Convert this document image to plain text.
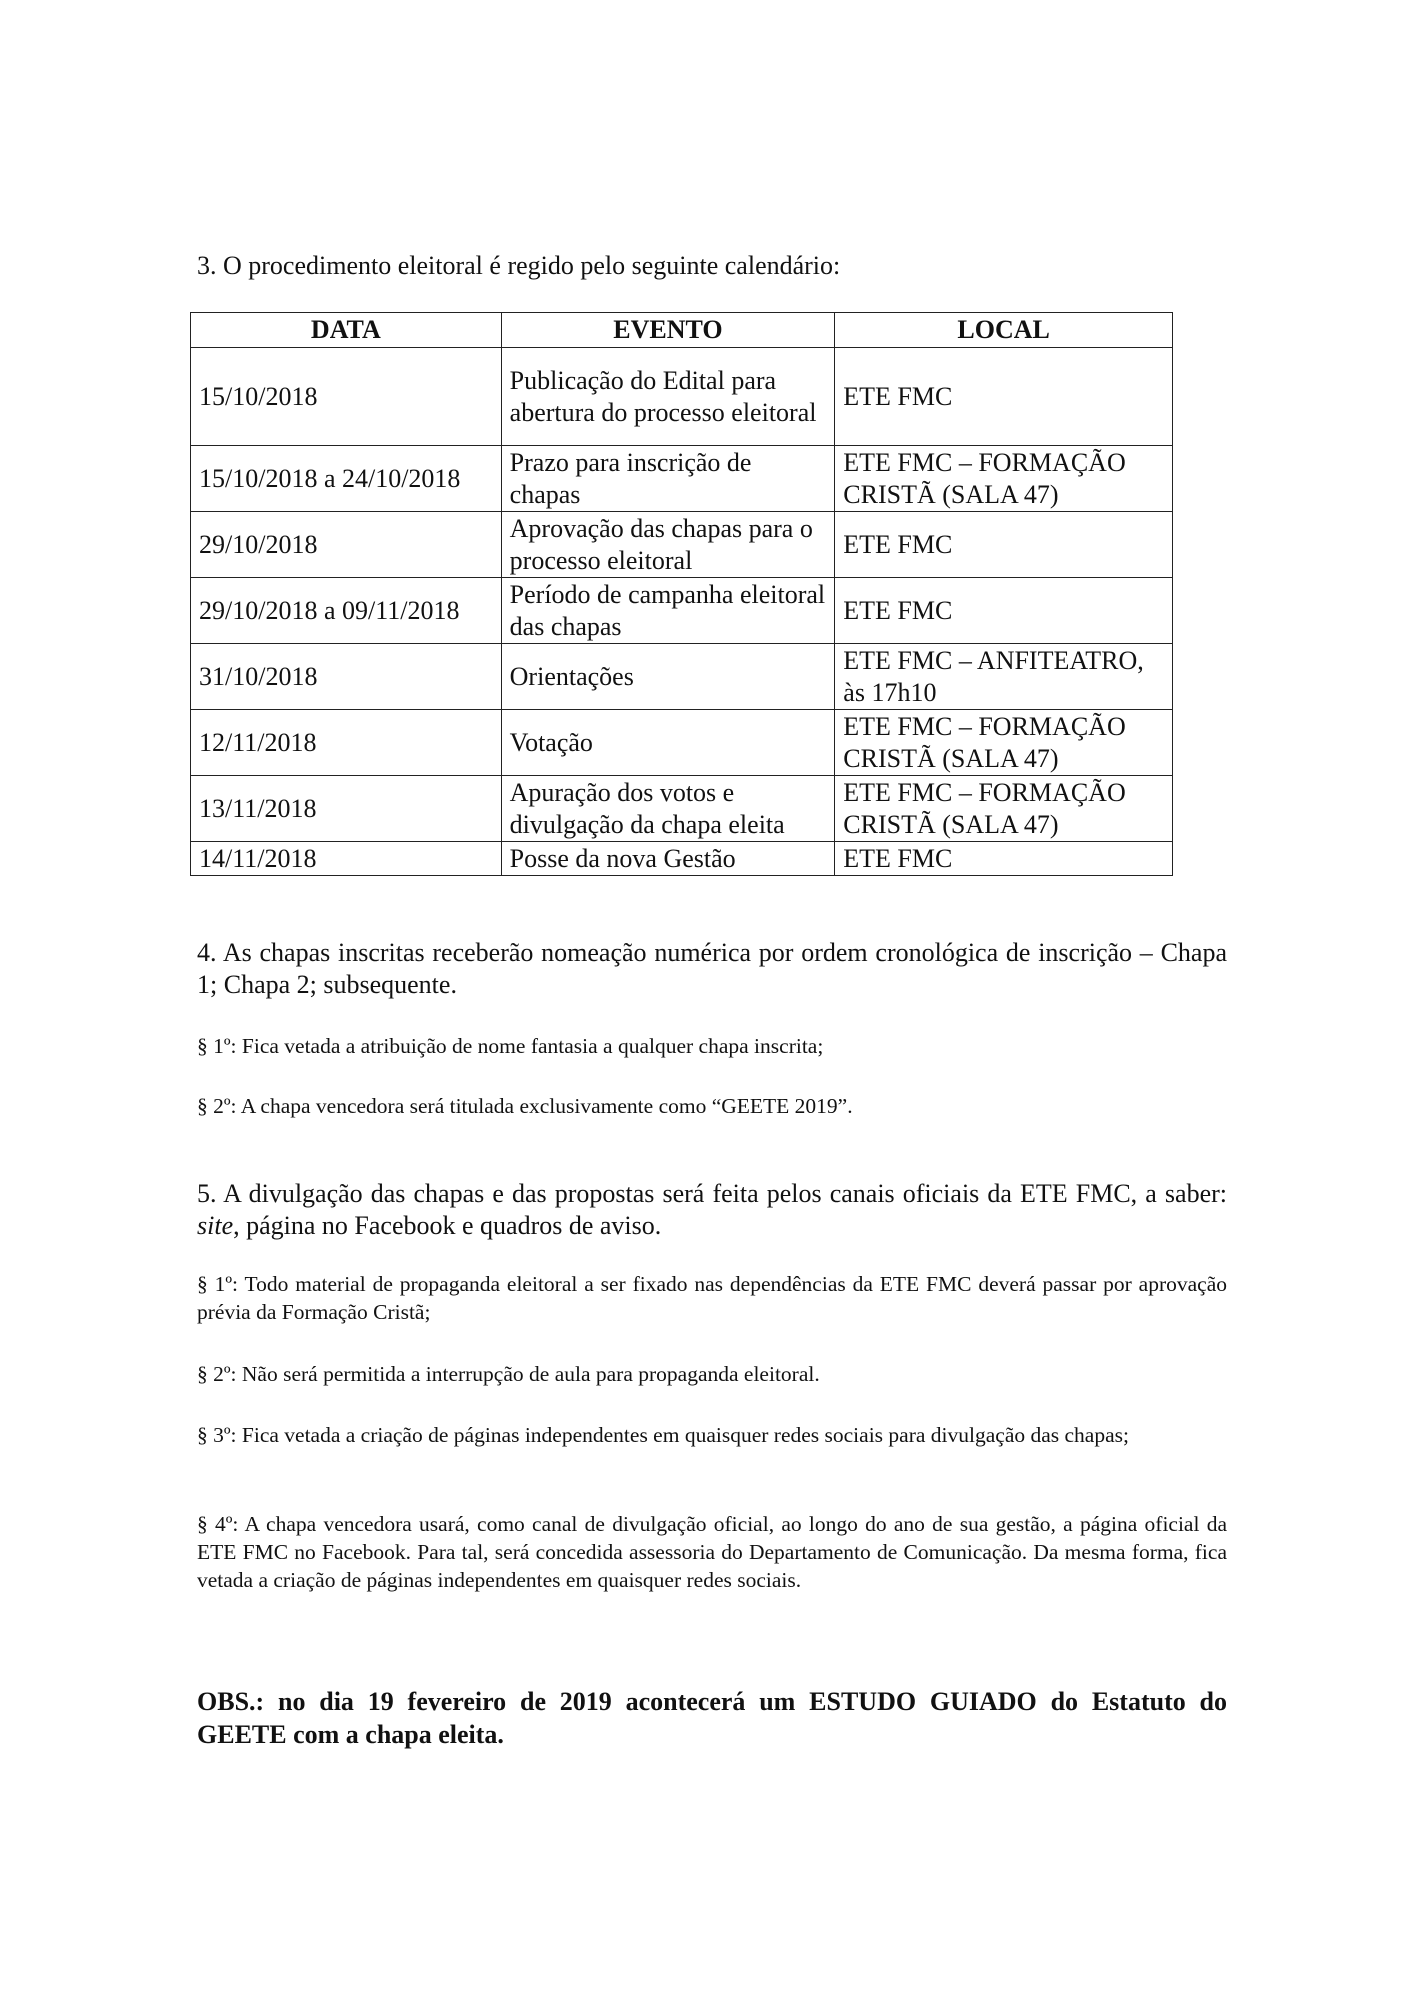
3. O procedimento eleitoral é regido pelo seguinte calendário:
DATA	EVENTO	LOCAL
15/10/2018	Publicação do Edital para abertura do processo eleitoral	ETE FMC
15/10/2018 a 24/10/2018	Prazo para inscrição de chapas	ETE FMC – FORMAÇÃO CRISTÃ (SALA 47)
29/10/2018	Aprovação das chapas para o processo eleitoral	ETE FMC
29/10/2018 a 09/11/2018	Período de campanha eleitoral das chapas	ETE FMC
31/10/2018	Orientações	ETE FMC – ANFITEATRO, às 17h10
12/11/2018	Votação	ETE FMC – FORMAÇÃO CRISTÃ (SALA 47)
13/11/2018	Apuração dos votos e divulgação da chapa eleita	ETE FMC – FORMAÇÃO CRISTÃ (SALA 47)
14/11/2018	Posse da nova Gestão	ETE FMC
4. As chapas inscritas receberão nomeação numérica por ordem cronológica de inscrição – Chapa 1; Chapa 2; subsequente.
§ 1º: Fica vetada a atribuição de nome fantasia a qualquer chapa inscrita;
§ 2º: A chapa vencedora será titulada exclusivamente como “GEETE 2019”.
5. A divulgação das chapas e das propostas será feita pelos canais oficiais da ETE FMC, a saber: site, página no Facebook e quadros de aviso.
§ 1º: Todo material de propaganda eleitoral a ser fixado nas dependências da ETE FMC deverá passar por aprovação prévia da Formação Cristã;
§ 2º: Não será permitida a interrupção de aula para propaganda eleitoral.
§ 3º: Fica vetada a criação de páginas independentes em quaisquer redes sociais para divulgação das chapas;
§ 4º: A chapa vencedora usará, como canal de divulgação oficial, ao longo do ano de sua gestão, a página oficial da ETE FMC no Facebook. Para tal, será concedida assessoria do Departamento de Comunicação. Da mesma forma, fica vetada a criação de páginas independentes em quaisquer redes sociais.
OBS.: no dia 19 fevereiro de 2019 acontecerá um ESTUDO GUIADO do Estatuto do GEETE com a chapa eleita.
